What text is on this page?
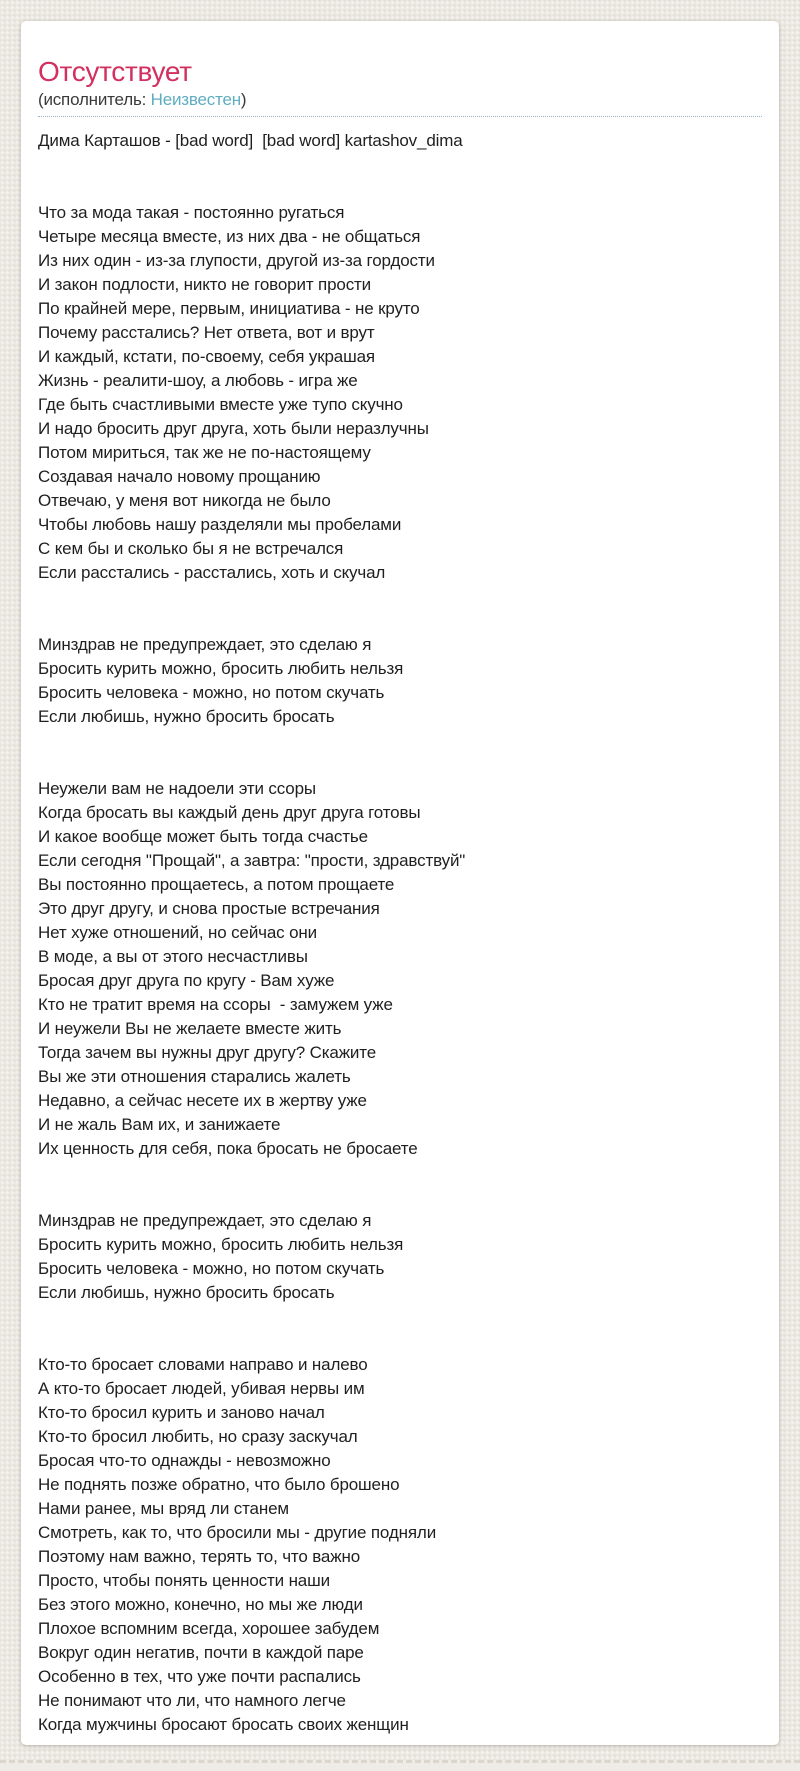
Отсутствует
(исполнитель: Неизвестен)
Дима Карташов - [bad word]  [bad word] kartashov_dima
Что за мода такая - постоянно ругаться
Четыре месяца вместе, из них два - не общаться
Из них один - из-за глупости, другой из-за гордости
И закон подлости, никто не говорит прости
По крайней мере, первым, инициатива - не круто
Почему расстались? Нет ответа, вот и врут
И каждый, кстати, по-своему, себя украшая
Жизнь - реалити-шоу, а любовь - игра же
Где быть счастливыми вместе уже тупо скучно
И надо бросить друг друга, хоть были неразлучны
Потом мириться, так же не по-настоящему
Создавая начало новому прощанию
Отвечаю, у меня вот никогда не было
Чтобы любовь нашу разделяли мы пробелами
С кем бы и сколько бы я не встречался
Если расстались - расстались, хоть и скучал
Минздрав не предупреждает, это сделаю я
Бросить курить можно, бросить любить нельзя
Бросить человека - можно, но потом скучать
Если любишь, нужно бросить бросать
Неужели вам не надоели эти ссоры
Когда бросать вы каждый день друг друга готовы
И какое вообще может быть тогда счастье
Если сегодня "Прощай", а завтра: "прости, здравствуй"
Вы постоянно прощаетесь, а потом прощаете
Это друг другу, и снова простые встречания
Нет хуже отношений, но сейчас они
В моде, а вы от этого несчастливы
Бросая друг друга по кругу - Вам хуже
Кто не тратит время на ссоры  - замужем уже
И неужели Вы не желаете вместе жить
Тогда зачем вы нужны друг другу? Скажите
Вы же эти отношения старались жалеть
Недавно, а сейчас несете их в жертву уже
И не жаль Вам их, и занижаете
Их ценность для себя, пока бросать не бросаете
Минздрав не предупреждает, это сделаю я
Бросить курить можно, бросить любить нельзя
Бросить человека - можно, но потом скучать
Если любишь, нужно бросить бросать
Кто-то бросает словами направо и налево
А кто-то бросает людей, убивая нервы им
Кто-то бросил курить и заново начал
Кто-то бросил любить, но сразу заскучал
Бросая что-то однажды - невозможно
Не поднять позже обратно, что было брошено
Нами ранее, мы вряд ли станем
Смотреть, как то, что бросили мы - другие подняли
Поэтому нам важно, терять то, что важно
Просто, чтобы понять ценности наши
Без этого можно, конечно, но мы же люди
Плохое вспомним всегда, хорошее забудем
Вокруг один негатив, почти в каждой паре
Особенно в тех, что уже почти распались
Не понимают что ли, что намного легче
Когда мужчины бросают бросать своих женщин
